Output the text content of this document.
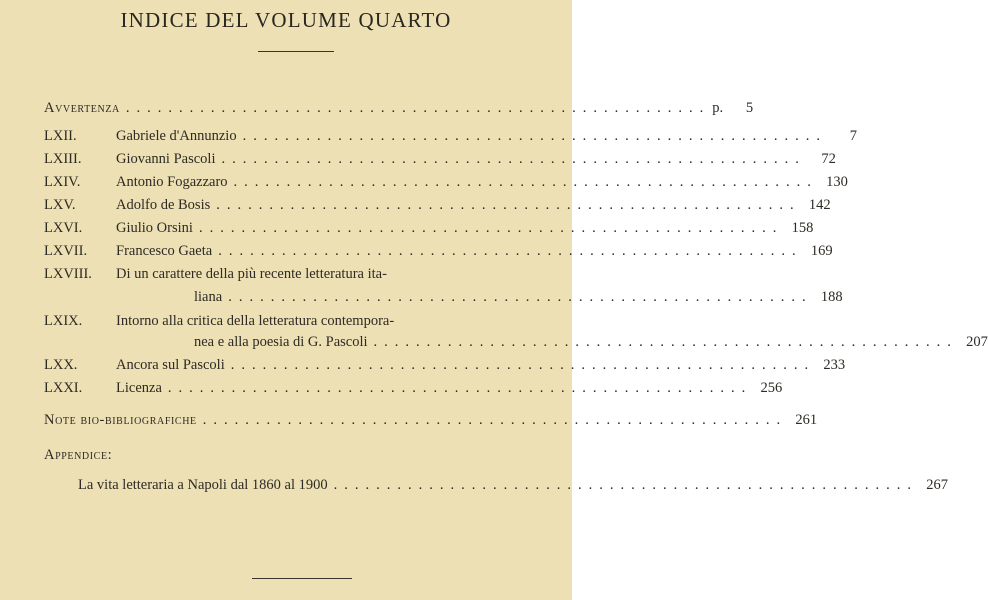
INDICE DEL VOLUME QUARTO
Avvertenza ....................................................... p.	5
LXII.	Gabriele d'Annunzio .......................................................	7
LXIII. Giovanni Pascoli .......................................................	72
LXIV. Antonio Fogazzaro ....................................................... 130
LXV.	Adolfo de Bosis ....................................................... 142
LXVI. Giulio Orsini ....................................................... 158
LXVII. Francesco Gaeta ....................................................... 169
LXVIII. Di un carattere della più recente letteratura ita-
liana ....................................................... 188
LXIX. Intorno alla critica della letteratura contempora-
nea e alla poesia di G. Pascoli ....................................................... 207
LXX.	Ancora sul Pascoli ....................................................... 233
LXXI. Licenza ....................................................... 256
Note bio-bibliografiche ....................................................... 261
Appendice:
La vita letteraria a Napoli dal 1860 al 1900 ....................................................... 267
